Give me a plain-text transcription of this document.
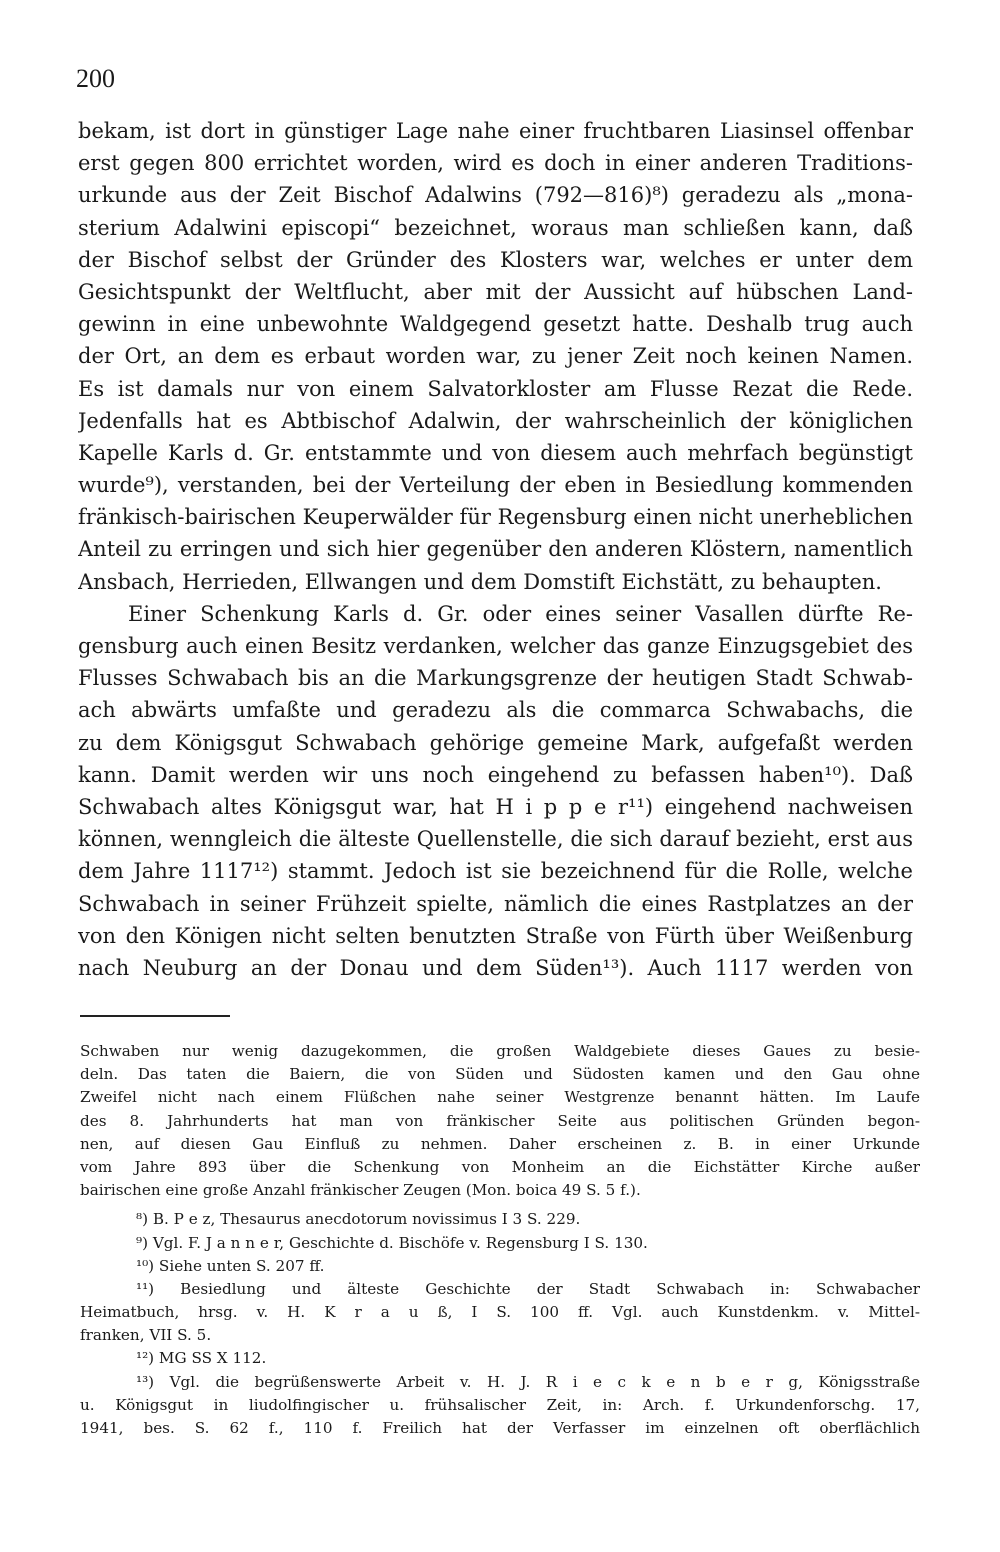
200
bekam, ist dort in günstiger Lage nahe einer fruchtbaren Liasinsel offenbar
erst gegen 800 errichtet worden, wird es doch in einer anderen Traditions-
urkunde aus der Zeit Bischof Adalwins (792—816)⁸) geradezu als „mona-
sterium Adalwini episcopi“ bezeichnet, woraus man schließen kann, daß
der Bischof selbst der Gründer des Klosters war, welches er unter dem
Gesichtspunkt der Weltflucht, aber mit der Aussicht auf hübschen Land-
gewinn in eine unbewohnte Waldgegend gesetzt hatte. Deshalb trug auch
der Ort, an dem es erbaut worden war, zu jener Zeit noch keinen Namen.
Es ist damals nur von einem Salvatorkloster am Flusse Rezat die Rede.
Jedenfalls hat es Abtbischof Adalwin, der wahrscheinlich der königlichen
Kapelle Karls d. Gr. entstammte und von diesem auch mehrfach begünstigt
wurde⁹), verstanden, bei der Verteilung der eben in Besiedlung kommenden
fränkisch-bairischen Keuperwälder für Regensburg einen nicht unerheblichen
Anteil zu erringen und sich hier gegenüber den anderen Klöstern, namentlich
Ansbach, Herrieden, Ellwangen und dem Domstift Eichstätt, zu behaupten.
Einer Schenkung Karls d. Gr. oder eines seiner Vasallen dürfte Re-
gensburg auch einen Besitz verdanken, welcher das ganze Einzugsgebiet des
Flusses Schwabach bis an die Markungsgrenze der heutigen Stadt Schwab-
ach abwärts umfaßte und geradezu als die commarca Schwabachs, die
zu dem Königsgut Schwabach gehörige gemeine Mark, aufgefaßt werden
kann. Damit werden wir uns noch eingehend zu befassen haben¹⁰). Daß
Schwabach altes Königsgut war, hat H i p p e r¹¹) eingehend nachweisen
können, wenngleich die älteste Quellenstelle, die sich darauf bezieht, erst aus
dem Jahre 1117¹²) stammt. Jedoch ist sie bezeichnend für die Rolle, welche
Schwabach in seiner Frühzeit spielte, nämlich die eines Rastplatzes an der
von den Königen nicht selten benutzten Straße von Fürth über Weißenburg
nach Neuburg an der Donau und dem Süden¹³). Auch 1117 werden von
Schwaben nur wenig dazugekommen, die großen Waldgebiete dieses Gaues zu besie-
deln. Das taten die Baiern, die von Süden und Südosten kamen und den Gau ohne
Zweifel nicht nach einem Flüßchen nahe seiner Westgrenze benannt hätten. Im Laufe
des 8. Jahrhunderts hat man von fränkischer Seite aus politischen Gründen begon-
nen, auf diesen Gau Einfluß zu nehmen. Daher erscheinen z. B. in einer Urkunde
vom Jahre 893 über die Schenkung von Monheim an die Eichstätter Kirche außer
bairischen eine große Anzahl fränkischer Zeugen (Mon. boica 49 S. 5 f.).
⁸) B. P e z, Thesaurus anecdotorum novissimus I 3 S. 229.
⁹) Vgl. F. J a n n e r, Geschichte d. Bischöfe v. Regensburg I S. 130.
¹⁰) Siehe unten S. 207 ff.
¹¹) Besiedlung und älteste Geschichte der Stadt Schwabach in: Schwabacher
Heimatbuch, hrsg. v. H. K r a u ß, I S. 100 ff. Vgl. auch Kunstdenkm. v. Mittel-
franken, VII S. 5.
¹²) MG SS X 112.
¹³) Vgl. die begrüßenswerte Arbeit v. H. J. R i e c k e n b e r g, Königsstraße
u. Königsgut in liudolfingischer u. frühsalischer Zeit, in: Arch. f. Urkundenforschg. 17,
1941, bes. S. 62 f., 110 f. Freilich hat der Verfasser im einzelnen oft oberflächlich
